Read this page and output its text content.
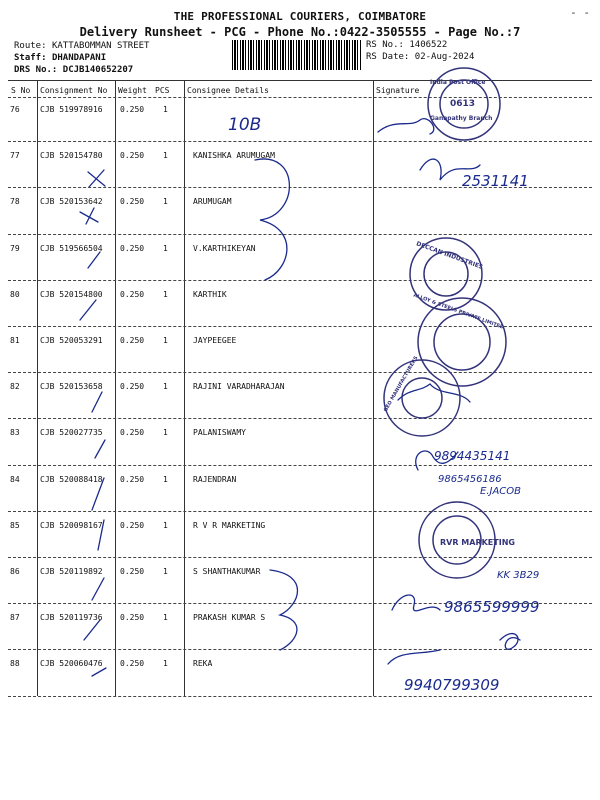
THE PROFESSIONAL COURIERS, COIMBATORE
Delivery Runsheet - PCG - Phone No.:0422-3505555 - Page No.:7
- -
Route: KATTABOMMAN STREET
Staff: DHANDAPANI
DRS No.: DCJB140652207
RS No.: 1406522
RS Date: 02-Aug-2024
S No Consignment No Weight PCS Consignee Details	Signature
76	CJB 519978916 0.250 1
77	CJB 520154780 0.250 1	KANISHKA ARUMUGAM
78	CJB 520153642 0.250 1	ARUMUGAM
79	CJB 519566504 0.250 1	V.KARTHIKEYAN
80	CJB 520154800 0.250 1	KARTHIK
81	CJB 520053291 0.250 1	JAYPEEGEE
82	CJB 520153658 0.250 1	RAJINI VARADHARAJAN
83	CJB 520027735 0.250 1	PALANISWAMY
84	CJB 520088418 0.250 1	RAJENDRAN
85	CJB 520098167 0.250 1	R V R MARKETING
86	CJB 520119892 0.250 1	S SHANTHAKUMAR
87	CJB 520119736 0.250 1	PRAKASH KUMAR S
88	CJB 520060476 0.250 1	REKA
10B
2531141
9894435141
9865456186
E.JACOB
KK 3B29
9865599999
9940799309
India Post Office
0613
Ganapathy Branch
DECCAN INDUSTRIES
ALLOY & STEELS PRIVATE LIMITED
GEO MANUFACTURERS
RVR MARKETING
